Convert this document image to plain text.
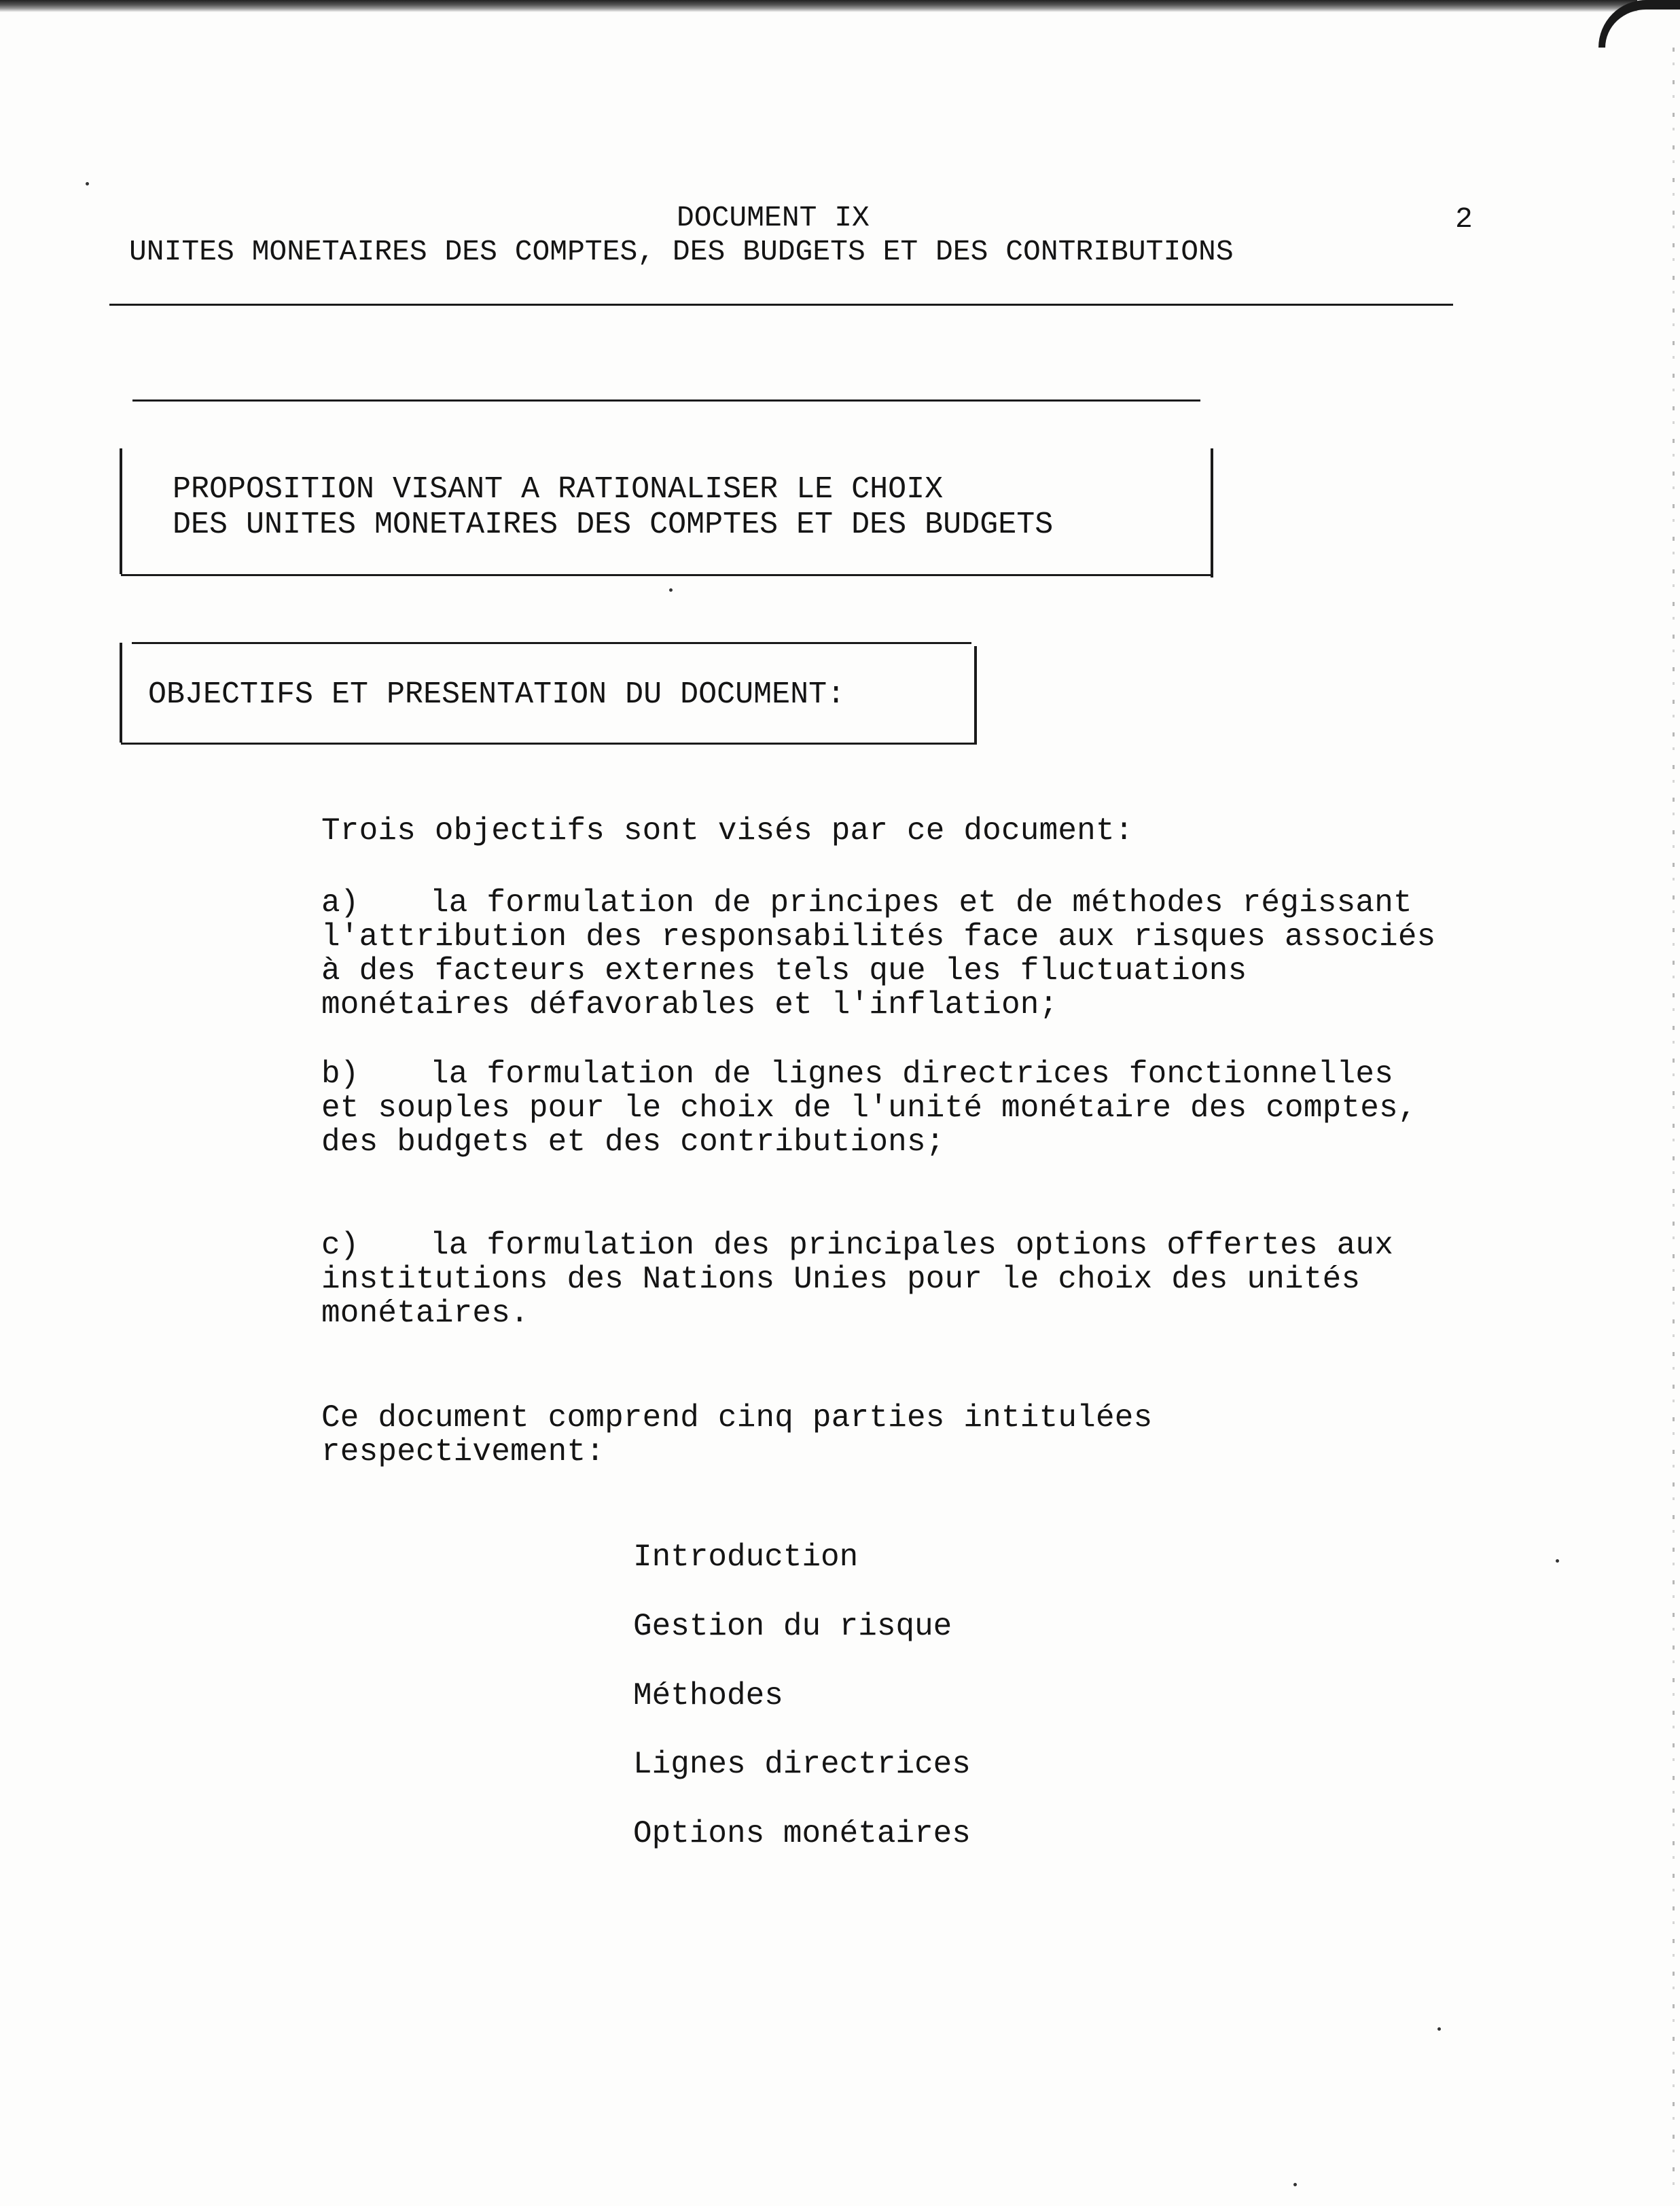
DOCUMENT IX	2
UNITES MONETAIRES DES COMPTES, DES BUDGETS ET DES CONTRIBUTIONS
PROPOSITION VISANT A RATIONALISER LE CHOIX
DES UNITES MONETAIRES DES COMPTES ET DES BUDGETS
OBJECTIFS ET PRESENTATION DU DOCUMENT:
Trois objectifs sont visés par ce document:

a) la formulation de principes et de méthodes régissant l'attribution des responsabilités face aux risques associés à des facteurs externes tels que les fluctuations monétaires défavorables et l'inflation;

b) la formulation de lignes directrices fonctionnelles et souples pour le choix de l'unité monétaire des comptes, des budgets et des contributions;

c) la formulation des principales options offertes aux institutions des Nations Unies pour le choix des unités monétaires.

Ce document comprend cinq parties intitulées respectivement:

Introduction
Gestion du risque
Méthodes
Lignes directrices
Options monétaires
